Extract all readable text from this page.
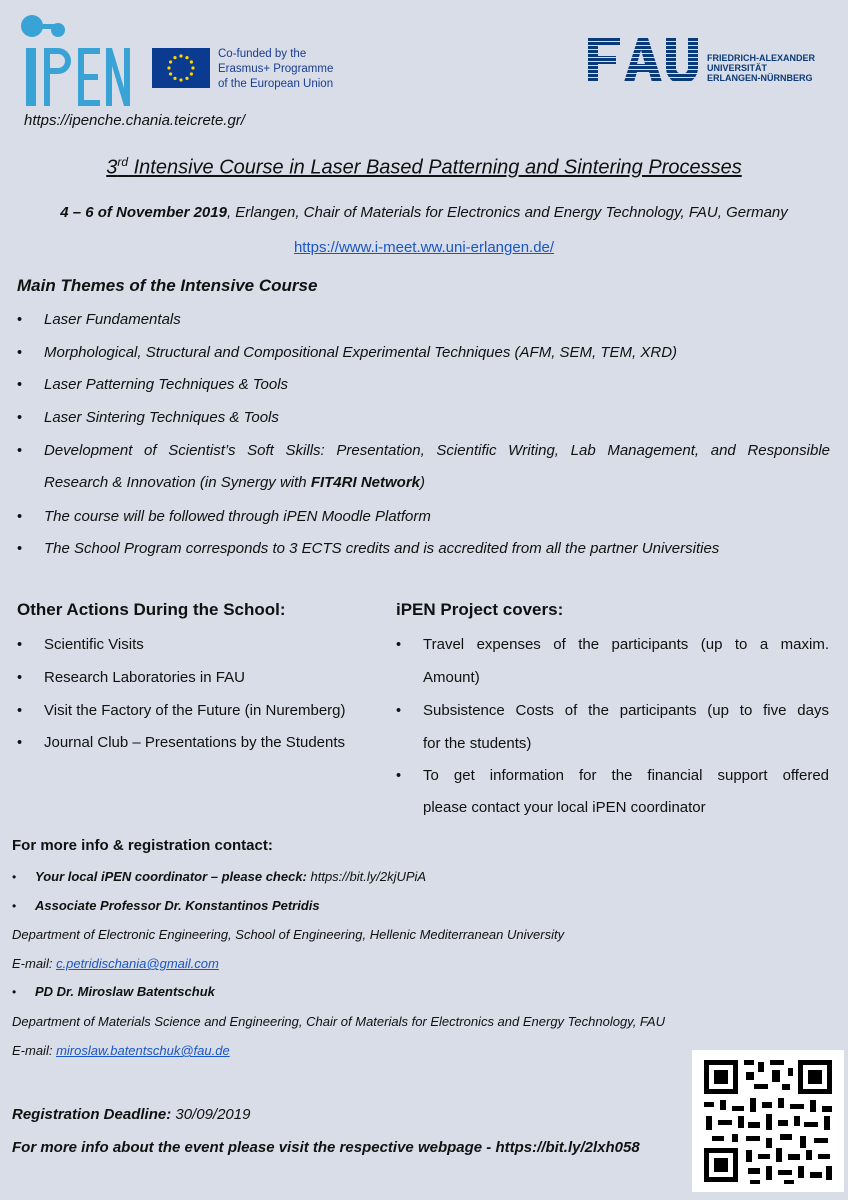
https://ipenche.chania.teicrete.gr/
Co-funded by the
Erasmus+ Programme
of the European Union
FRIEDRICH-ALEXANDER
UNIVERSITÄT
ERLANGEN-NÜRNBERG
3rd Intensive Course in Laser Based Patterning and Sintering Processes
4 – 6 of November 2019, Erlangen, Chair of Materials for Electronics and Energy Technology, FAU, Germany
https://www.i-meet.ww.uni-erlangen.de/
Main Themes of the Intensive Course
• Laser Fundamentals
• Morphological, Structural and Compositional Experimental Techniques (AFM, SEM, TEM, XRD)
• Laser Patterning Techniques & Tools
• Laser Sintering Techniques & Tools
• Development of Scientist’s Soft Skills: Presentation, Scientific Writing, Lab Management, and Responsible
Research & Innovation (in Synergy with FIT4RI Network)
• The course will be followed through iPEN Moodle Platform
• The School Program corresponds to 3 ECTS credits and is accredited from all the partner Universities
Other Actions During the School:
• Scientific Visits
• Research Laboratories in FAU
• Visit the Factory of the Future (in Nuremberg)
• Journal Club – Presentations by the Students
iPEN Project covers:
• Travel expenses of the participants (up to a maxim.
Amount)
• Subsistence Costs of the participants (up to five days
for the students)
• To get information for the financial support offered
please contact your local iPEN coordinator
For more info & registration contact:
• Your local iPEN coordinator – please check: https://bit.ly/2kjUPiA
• Associate Professor Dr. Konstantinos Petridis
Department of Electronic Engineering, School of Engineering, Hellenic Mediterranean University
E-mail: c.petridischania@gmail.com
• PD Dr. Miroslaw Batentschuk
Department of Materials Science and Engineering, Chair of Materials for Electronics and Energy Technology, FAU
E-mail: miroslaw.batentschuk@fau.de
Registration Deadline: 30/09/2019
For more info about the event please visit the respective webpage - https://bit.ly/2lxh058
